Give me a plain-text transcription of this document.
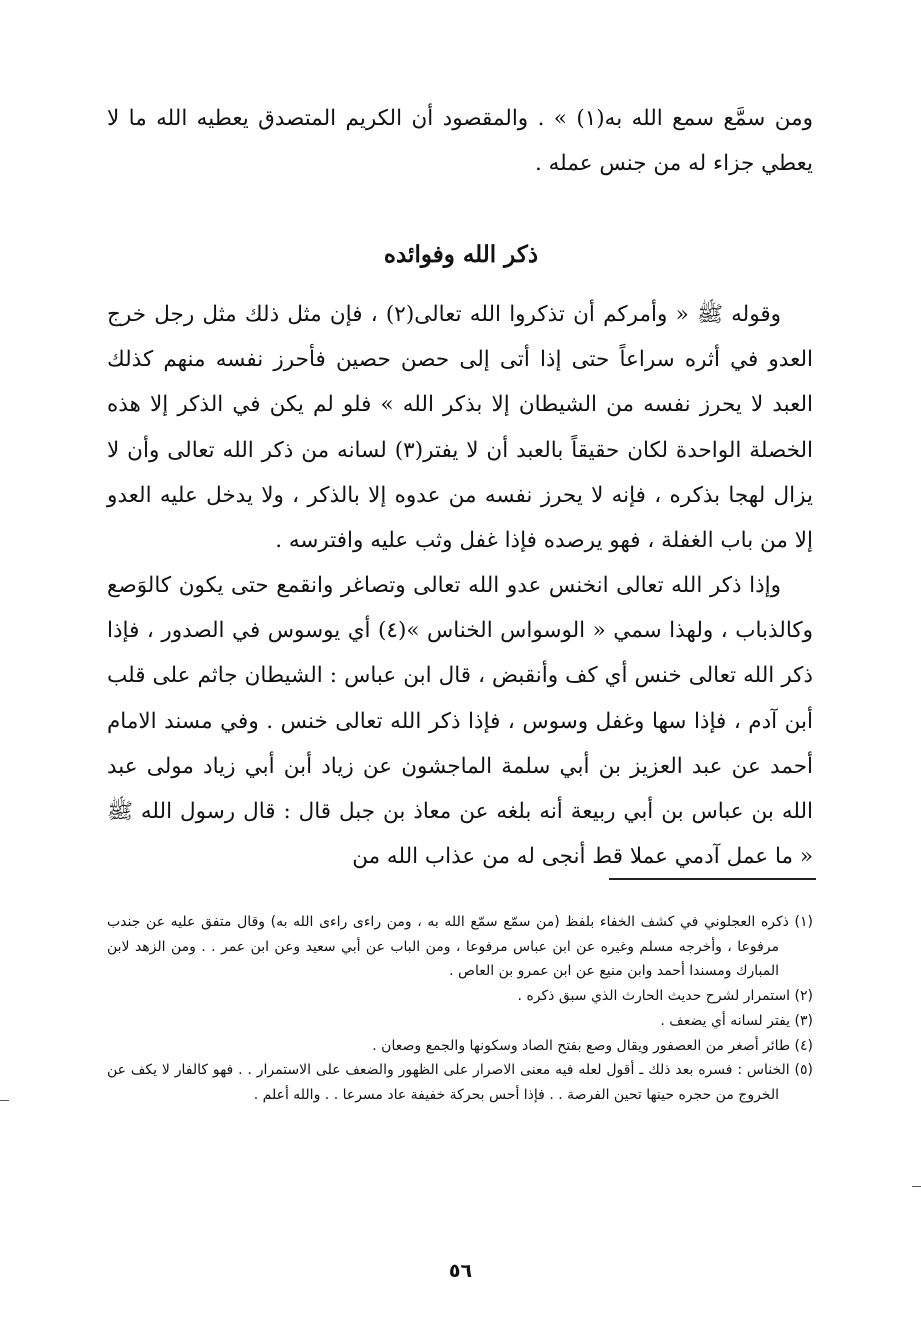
ومن سمَّع سمع الله به(١) » . والمقصود أن الكريم المتصدق يعطيه الله ما لا يعطي جزاء له من جنس عمله .

ذكر الله وفوائده

وقوله ﷺ « وأمركم أن تذكروا الله تعالى(٢) ، فإن مثل ذلك مثل رجل خرج العدو في أثره سراعاً حتى إذا أتى إلى حصن حصين فأحرز نفسه منهم كذلك العبد لا يحرز نفسه من الشيطان إلا بذكر الله » فلو لم يكن في الذكر إلا هذه الخصلة الواحدة لكان حقيقاً بالعبد أن لا يفتر(٣) لسانه من ذكر الله تعالى وأن لا يزال لهجا بذكره ، فإنه لا يحرز نفسه من عدوه إلا بالذكر ، ولا يدخل عليه العدو إلا من باب الغفلة ، فهو يرصده فإذا غفل وثب عليه وافترسه .

وإذا ذكر الله تعالى انخنس عدو الله تعالى وتصاغر وانقمع حتى يكون كالوَصع وكالذباب ، ولهذا سمي « الوسواس الخناس »(٤) أي يوسوس في الصدور ، فإذا ذكر الله تعالى خنس أي كف وأنقبض ، قال ابن عباس : الشيطان جاثم على قلب أبن آدم ، فإذا سها وغفل وسوس ، فإذا ذكر الله تعالى خنس . وفي مسند الامام أحمد عن عبد العزيز بن أبي سلمة الماجشون عن زياد أبن أبي زياد مولى عبد الله بن عباس بن أبي ربيعة أنه بلغه عن معاذ بن جبل قال : قال رسول الله ﷺ « ما عمل آدمي عملا قط أنجى له من عذاب الله من

(١) ذكره العجلوني في كشف الخفاء بلفظ (من سمّع سمّع الله به ، ومن راءى راءى الله به) وقال متفق عليه عن جندب مرفوعا ، وأخرجه مسلم وغيره عن ابن عباس مرفوعا ، ومن الباب عن أبي سعيد وعن ابن عمر . . ومن الزهد لابن المبارك ومسندا أحمد وابن منيع عن ابن عمرو بن العاص .
(٢) استمرار لشرح حديث الحارث الذي سبق ذكره .
(٣) يفتر لسانه أي يضعف .
(٤) طائر أصغر من العصفور ويقال وصع بفتح الصاد وسكونها والجمع وصعان .
(٥) الخناس : فسره بعد ذلك ـ أقول لعله فيه معنى الاصرار على الظهور والضعف على الاستمرار . . فهو كالفار لا يكف عن الخروج من حجره حينها تحين الفرصة . . فإذا أحس بحركة خفيفة عاد مسرعا . . والله أعلم .
٥٦
